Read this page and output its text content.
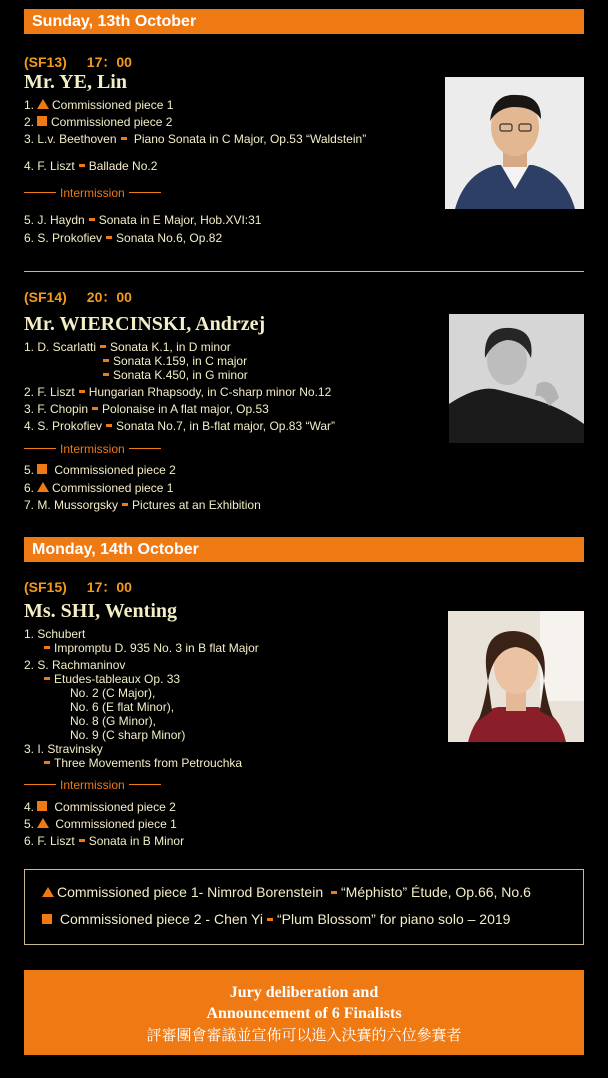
Sunday, 13th October
(SF13) 17：00
Mr. YE, Lin
1. Commissioned piece 1
2. Commissioned piece 2
3. L.v. Beethoven Piano Sonata in C Major, Op.53 “Waldstein”
4. F. Liszt Ballade No.2
Intermission
5. J. Haydn Sonata in E Major, Hob.XVI:31
6. S. Prokofiev Sonata No.6, Op.82
(SF14) 20：00
Mr. WIERCINSKI, Andrzej
1. D. Scarlatti Sonata K.1, in D minor
Sonata K.159, in C major
Sonata K.450, in G minor
2. F. Liszt Hungarian Rhapsody, in C-sharp minor No.12
3. F. Chopin Polonaise in A flat major, Op.53
4. S. Prokofiev Sonata No.7, in B-flat major, Op.83 “War”
Intermission
5. Commissioned piece 2
6. Commissioned piece 1
7. M. Mussorgsky Pictures at an Exhibition
Monday, 14th October
(SF15) 17：00
Ms. SHI, Wenting
1. Schubert
Impromptu D. 935 No. 3 in B flat Major
2. S. Rachmaninov
Etudes-tableaux Op. 33
No. 2 (C Major),
No. 6 (E flat Minor),
No. 8 (G Minor),
No. 9 (C sharp Minor)
3. I. Stravinsky
Three Movements from Petrouchka
Intermission
4. Commissioned piece 2
5. Commissioned piece 1
6. F. Liszt Sonata in B Minor
Commissioned piece 1- Nimrod Borenstein “Méphisto” Étude, Op.66, No.6
Commissioned piece 2 - Chen Yi “Plum Blossom” for piano solo – 2019
Jury deliberation and
Announcement of 6 Finalists
評審團會審議並宣佈可以進入決賽的六位參賽者
